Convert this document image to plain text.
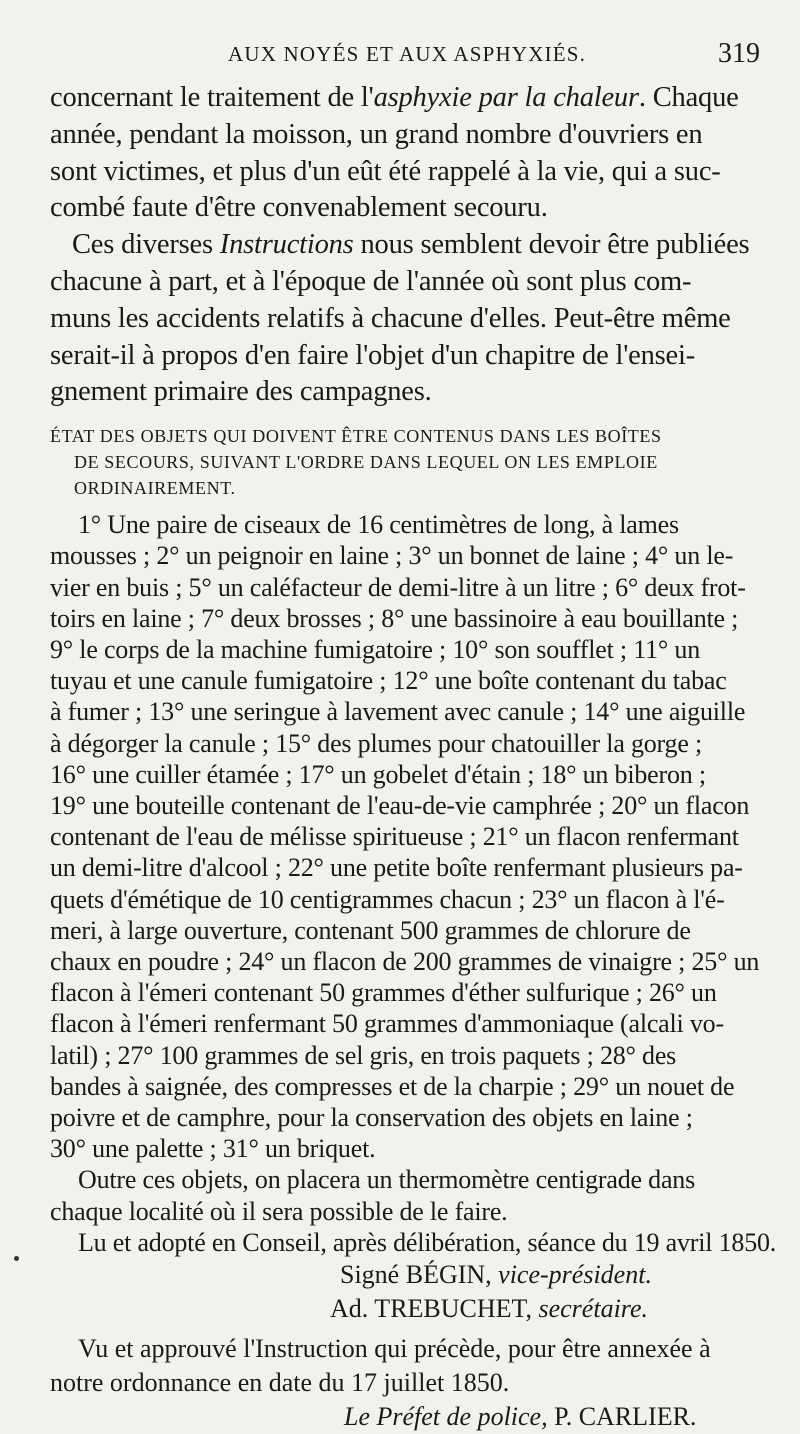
AUX NOYÉS ET AUX ASPHYXIÉS.	319
concernant le traitement de l'asphyxie par la chaleur. Chaque
année, pendant la moisson, un grand nombre d'ouvriers en
sont victimes, et plus d'un eût été rappelé à la vie, qui a suc-
combé faute d'être convenablement secouru.
Ces diverses Instructions nous semblent devoir être publiées
chacune à part, et à l'époque de l'année où sont plus com-
muns les accidents relatifs à chacune d'elles. Peut-être même
serait-il à propos d'en faire l'objet d'un chapitre de l'ensei-
gnement primaire des campagnes.
ÉTAT DES OBJETS QUI DOIVENT ÊTRE CONTENUS DANS LES BOÎTES
DE SECOURS, SUIVANT L'ORDRE DANS LEQUEL ON LES EMPLOIE
ORDINAIREMENT.
1° Une paire de ciseaux de 16 centimètres de long, à lames
mousses ; 2° un peignoir en laine ; 3° un bonnet de laine ; 4° un le-
vier en buis ; 5° un caléfacteur de demi-litre à un litre ; 6° deux frot-
toirs en laine ; 7° deux brosses ; 8° une bassinoire à eau bouillante ;
9° le corps de la machine fumigatoire ; 10° son soufflet ; 11° un
tuyau et une canule fumigatoire ; 12° une boîte contenant du tabac
à fumer ; 13° une seringue à lavement avec canule ; 14° une aiguille
à dégorger la canule ; 15° des plumes pour chatouiller la gorge ;
16° une cuiller étamée ; 17° un gobelet d'étain ; 18° un biberon ;
19° une bouteille contenant de l'eau-de-vie camphrée ; 20° un flacon
contenant de l'eau de mélisse spiritueuse ; 21° un flacon renfermant
un demi-litre d'alcool ; 22° une petite boîte renfermant plusieurs pa-
quets d'émétique de 10 centigrammes chacun ; 23° un flacon à l'é-
meri, à large ouverture, contenant 500 grammes de chlorure de
chaux en poudre ; 24° un flacon de 200 grammes de vinaigre ; 25° un
flacon à l'émeri contenant 50 grammes d'éther sulfurique ; 26° un
flacon à l'émeri renfermant 50 grammes d'ammoniaque (alcali vo-
latil) ; 27° 100 grammes de sel gris, en trois paquets ; 28° des
bandes à saignée, des compresses et de la charpie ; 29° un nouet de
poivre et de camphre, pour la conservation des objets en laine ;
30° une palette ; 31° un briquet.
Outre ces objets, on placera un thermomètre centigrade dans
chaque localité où il sera possible de le faire.
Lu et adopté en Conseil, après délibération, séance du 19 avril 1850.
Signé BÉGIN, vice-président.
Ad. TREBUCHET, secrétaire.
Vu et approuvé l'Instruction qui précède, pour être annexée à
notre ordonnance en date du 17 juillet 1850.
Le Préfet de police, P. CARLIER.
